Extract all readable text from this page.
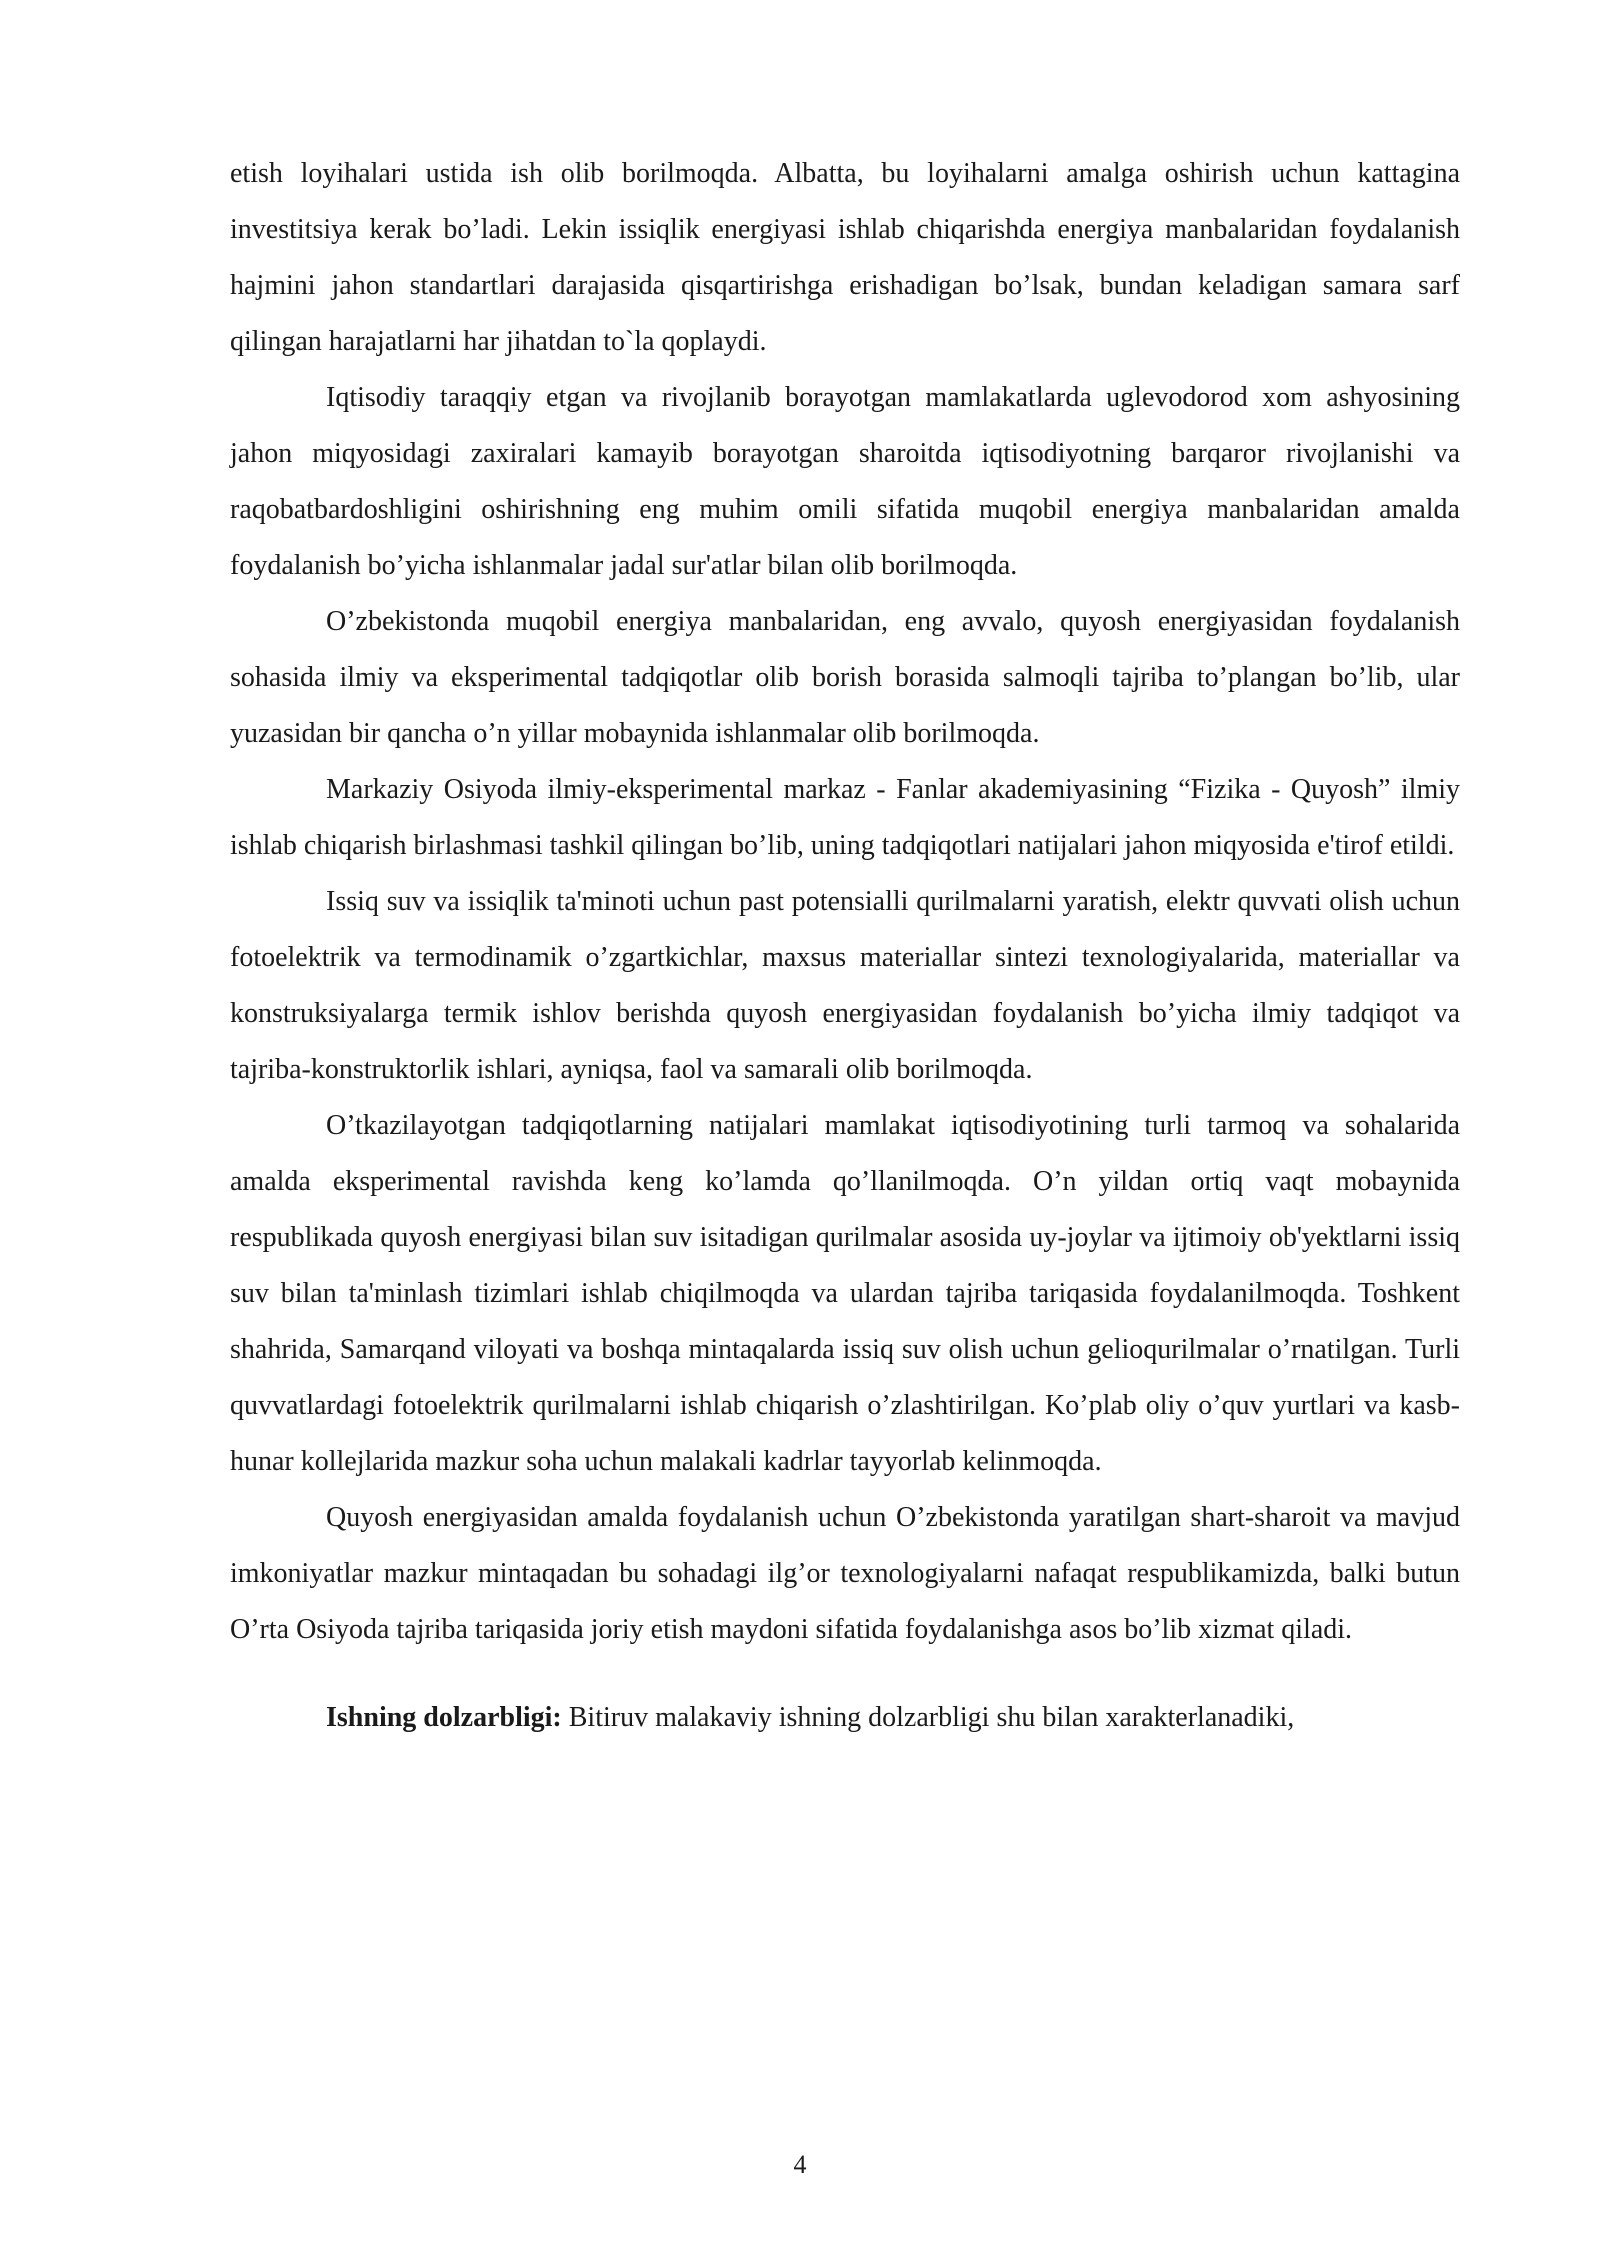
etish loyihalari ustida ish olib borilmoqda. Albatta, bu loyihalarni amalga oshirish uchun kattagina investitsiya kerak bo’ladi. Lekin issiqlik energiyasi ishlab chiqarishda energiya manbalaridan foydalanish hajmini jahon standartlari darajasida qisqartirishga erishadigan bo’lsak, bundan keladigan samara sarf qilingan harajatlarni har jihatdan to`la qoplaydi.

Iqtisodiy taraqqiy etgan va rivojlanib borayotgan mamlakatlarda uglevodorod xom ashyosining jahon miqyosidagi zaxiralari kamayib borayotgan sharoitda iqtisodiyotning barqaror rivojlanishi va raqobatbardoshligini oshirishning eng muhim omili sifatida muqobil energiya manbalaridan amalda foydalanish bo’yicha ishlanmalar jadal sur'atlar bilan olib borilmoqda.

O’zbekistonda muqobil energiya manbalaridan, eng avvalo, quyosh energiyasidan foydalanish sohasida ilmiy va eksperimental tadqiqotlar olib borish borasida salmoqli tajriba to’plangan bo’lib, ular yuzasidan bir qancha o’n yillar mobaynida ishlanmalar olib borilmoqda.

Markaziy Osiyoda ilmiy-eksperimental markaz - Fanlar akademiyasining “Fizika - Quyosh” ilmiy ishlab chiqarish birlashmasi tashkil qilingan bo’lib, uning tadqiqotlari natijalari jahon miqyosida e'tirof etildi.

Issiq suv va issiqlik ta'minoti uchun past potensialli qurilmalarni yaratish, elektr quvvati olish uchun fotoelektrik va termodinamik o’zgartkichlar, maxsus materiallar sintezi texnologiyalarida, materiallar va konstruksiyalarga termik ishlov berishda quyosh energiyasidan foydalanish bo’yicha ilmiy tadqiqot va tajriba-konstruktorlik ishlari, ayniqsa, faol va samarali olib borilmoqda.

O’tkazilayotgan tadqiqotlarning natijalari mamlakat iqtisodiyotining turli tarmoq va sohalarida amalda eksperimental ravishda keng ko’lamda qo’llanilmoqda. O’n yildan ortiq vaqt mobaynida respublikada quyosh energiyasi bilan suv isitadigan qurilmalar asosida uy-joylar va ijtimoiy ob'yektlarni issiq suv bilan ta'minlash tizimlari ishlab chiqilmoqda va ulardan tajriba tariqasida foydalanilmoqda. Toshkent shahrida, Samarqand viloyati va boshqa mintaqalarda issiq suv olish uchun gelioqurilmalar o’rnatilgan. Turli quvvatlardagi fotoelektrik qurilmalarni ishlab chiqarish o’zlashtirilgan. Ko’plab oliy o’quv yurtlari va kasb-hunar kollejlarida mazkur soha uchun malakali kadrlar tayyorlab kelinmoqda.

Quyosh energiyasidan amalda foydalanish uchun O’zbekistonda yaratilgan shart-sharoit va mavjud imkoniyatlar mazkur mintaqadan bu sohadagi ilg’or texnologiyalarni nafaqat respublikamizda, balki butun O’rta Osiyoda tajriba tariqasida joriy etish maydoni sifatida foydalanishga asos bo’lib xizmat qiladi.

Ishning dolzarbligi: Bitiruv malakaviy ishning dolzarbligi shu bilan xarakterlanadiki,

4
